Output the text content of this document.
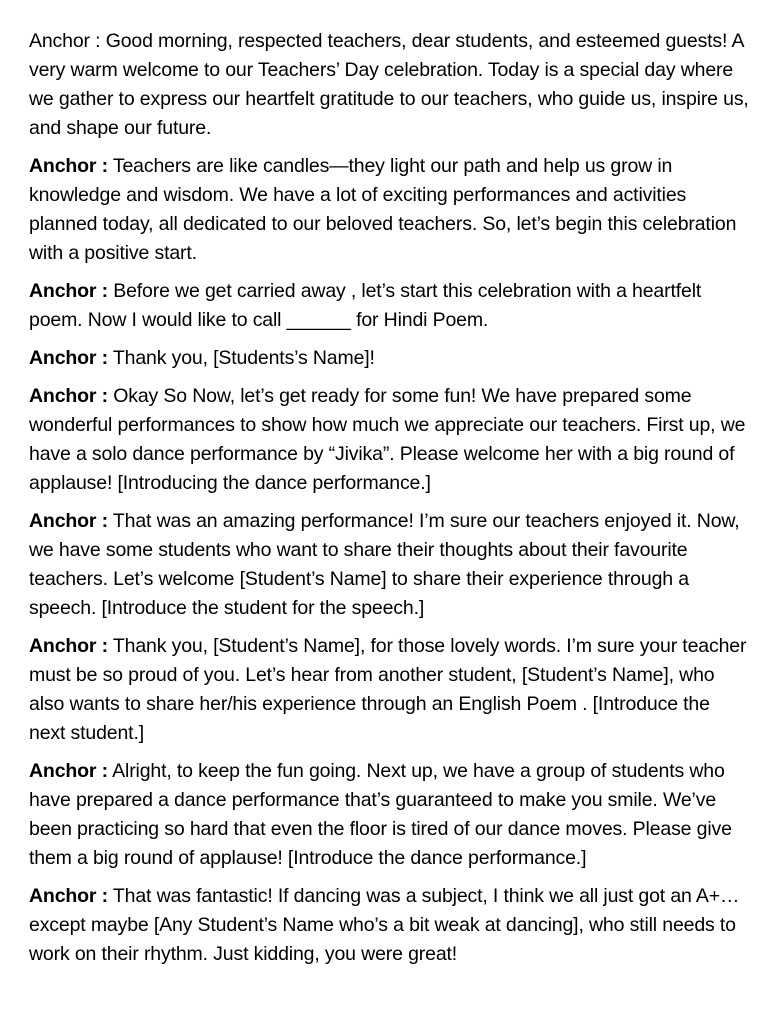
Anchor : Good morning, respected teachers, dear students, and esteemed guests! A very warm welcome to our Teachers’ Day celebration. Today is a special day where we gather to express our heartfelt gratitude to our teachers, who guide us, inspire us, and shape our future.

Anchor : Teachers are like candles—they light our path and help us grow in knowledge and wisdom. We have a lot of exciting performances and activities planned today, all dedicated to our beloved teachers. So, let’s begin this celebration with a positive start.

Anchor : Before we get carried away , let’s start this celebration with a heartfelt poem. Now I would like to call ______ for Hindi Poem.

Anchor : Thank you, [Students’s Name]!

Anchor : Okay So Now, let’s get ready for some fun! We have prepared some wonderful performances to show how much we appreciate our teachers. First up, we have a solo dance performance by “Jivika”. Please welcome her with a big round of applause! [Introducing the dance performance.]

Anchor : That was an amazing performance! I’m sure our teachers enjoyed it. Now, we have some students who want to share their thoughts about their favourite teachers. Let’s welcome [Student’s Name] to share their experience through a speech. [Introduce the student for the speech.]

Anchor : Thank you, [Student’s Name], for those lovely words. I’m sure your teacher must be so proud of you. Let’s hear from another student, [Student’s Name], who also wants to share her/his experience through an English Poem . [Introduce the next student.]

Anchor : Alright, to keep the fun going. Next up, we have a group of students who have prepared a dance performance that’s guaranteed to make you smile. We’ve been practicing so hard that even the floor is tired of our dance moves. Please give them a big round of applause! [Introduce the dance performance.]

Anchor : That was fantastic! If dancing was a subject, I think we all just got an A+… except maybe [Any Student’s Name who’s a bit weak at dancing], who still needs to work on their rhythm. Just kidding, you were great!
